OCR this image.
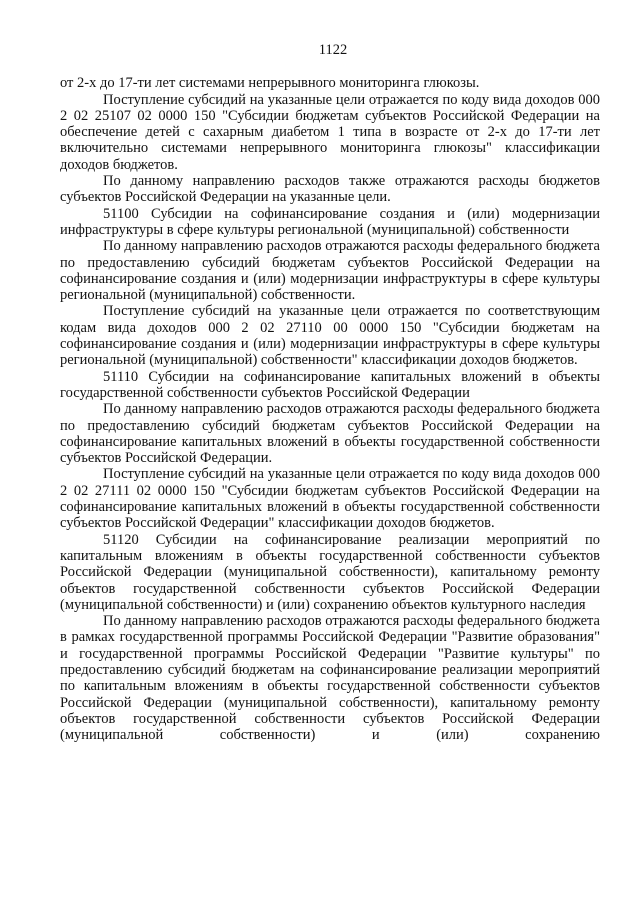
1122

от 2-х до 17-ти лет системами непрерывного мониторинга глюкозы.

Поступление субсидий на указанные цели отражается по коду вида доходов 000 2 02 25107 02 0000 150 "Субсидии бюджетам субъектов Российской Федерации на обеспечение детей с сахарным диабетом 1 типа в возрасте от 2-х до 17-ти лет включительно системами непрерывного мониторинга глюкозы" классификации доходов бюджетов.

По данному направлению расходов также отражаются расходы бюджетов субъектов Российской Федерации на указанные цели.

51100 Субсидии на софинансирование создания и (или) модернизации инфраструктуры в сфере культуры региональной (муниципальной) собственности

По данному направлению расходов отражаются расходы федерального бюджета по предоставлению субсидий бюджетам субъектов Российской Федерации на софинансирование создания и (или) модернизации инфраструктуры в сфере культуры региональной (муниципальной) собственности.

Поступление субсидий на указанные цели отражается по соответствующим кодам вида доходов 000 2 02 27110 00 0000 150 "Субсидии бюджетам на софинансирование создания и (или) модернизации инфраструктуры в сфере культуры региональной (муниципальной) собственности" классификации доходов бюджетов.

51110 Субсидии на софинансирование капитальных вложений в объекты государственной собственности субъектов Российской Федерации

По данному направлению расходов отражаются расходы федерального бюджета по предоставлению субсидий бюджетам субъектов Российской Федерации на софинансирование капитальных вложений в объекты государственной собственности субъектов Российской Федерации.

Поступление субсидий на указанные цели отражается по коду вида доходов 000 2 02 27111 02 0000 150 "Субсидии бюджетам субъектов Российской Федерации на софинансирование капитальных вложений в объекты государственной собственности субъектов Российской Федерации" классификации доходов бюджетов.

51120 Субсидии на софинансирование реализации мероприятий по капитальным вложениям в объекты государственной собственности субъектов Российской Федерации (муниципальной собственности), капитальному ремонту объектов государственной собственности субъектов Российской Федерации (муниципальной собственности) и (или) сохранению объектов культурного наследия

По данному направлению расходов отражаются расходы федерального бюджета в рамках государственной программы Российской Федерации "Развитие образования" и государственной программы Российской Федерации "Развитие культуры" по предоставлению субсидий бюджетам на софинансирование реализации мероприятий по капитальным вложениям в объекты государственной собственности субъектов Российской Федерации (муниципальной собственности), капитальному ремонту объектов государственной собственности субъектов Российской Федерации (муниципальной собственности) и (или) сохранению
